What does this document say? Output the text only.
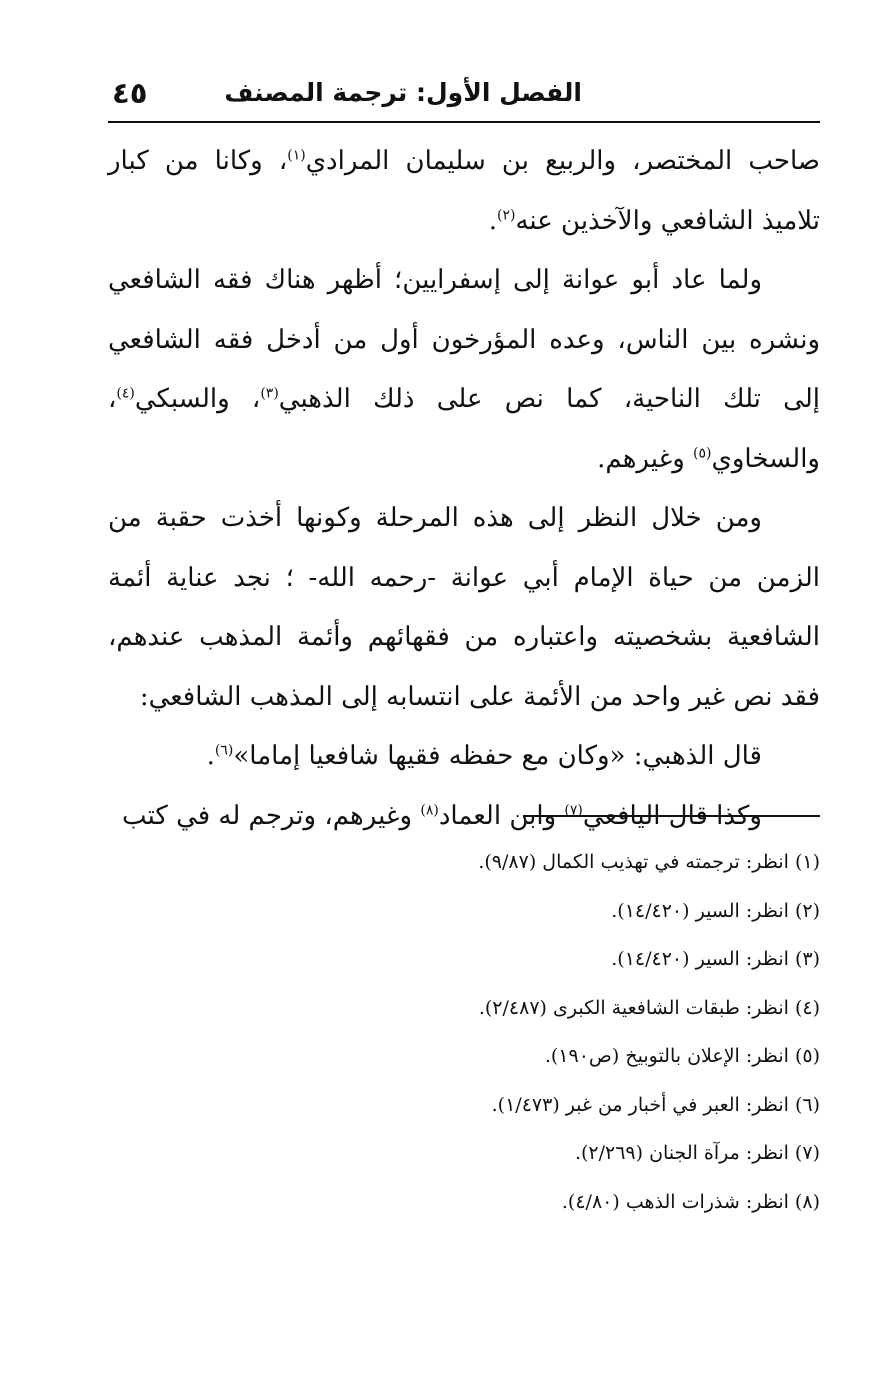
الفصل الأول: ترجمة المصنف
٤٥

صاحب المختصر، والربيع بن سليمان المرادي$^{(١)}$، وكانا من كبار تلاميذ الشافعي والآخذين عنه$^{(٢)}$.

ولما عاد أبو عوانة إلى إسفرايين؛ أظهر هناك فقه الشافعي ونشره بين الناس، وعده المؤرخون أول من أدخل فقه الشافعي إلى تلك الناحية، كما نص على ذلك الذهبي$^{(٣)}$، والسبكي$^{(٤)}$، والسخاوي$^{(٥)}$ وغيرهم.

ومن خلال النظر إلى هذه المرحلة وكونها أخذت حقبة من الزمن من حياة الإمام أبي عوانة -رحمه الله- ؛ نجد عناية أئمة الشافعية بشخصيته واعتباره من فقهائهم وأئمة المذهب عندهم، فقد نص غير واحد من الأئمة على انتسابه إلى المذهب الشافعي:

قال الذهبي: «وكان مع حفظه فقيها شافعيا إماما»$^{(٦)}$.

وكذا قال اليافعي$^{(٧)}$ وابن العماد$^{(٨)}$ وغيرهم، وترجم له في كتب

(١) انظر: ترجمته في تهذيب الكمال (٩/٨٧).
(٢) انظر: السير (١٤/٤٢٠).
(٣) انظر: السير (١٤/٤٢٠).
(٤) انظر: طبقات الشافعية الكبرى (٢/٤٨٧).
(٥) انظر: الإعلان بالتوبيخ (ص١٩٠).
(٦) انظر: العبر في أخبار من غبر (١/٤٧٣).
(٧) انظر: مرآة الجنان (٢/٢٦٩).
(٨) انظر: شذرات الذهب (٤/٨٠).
